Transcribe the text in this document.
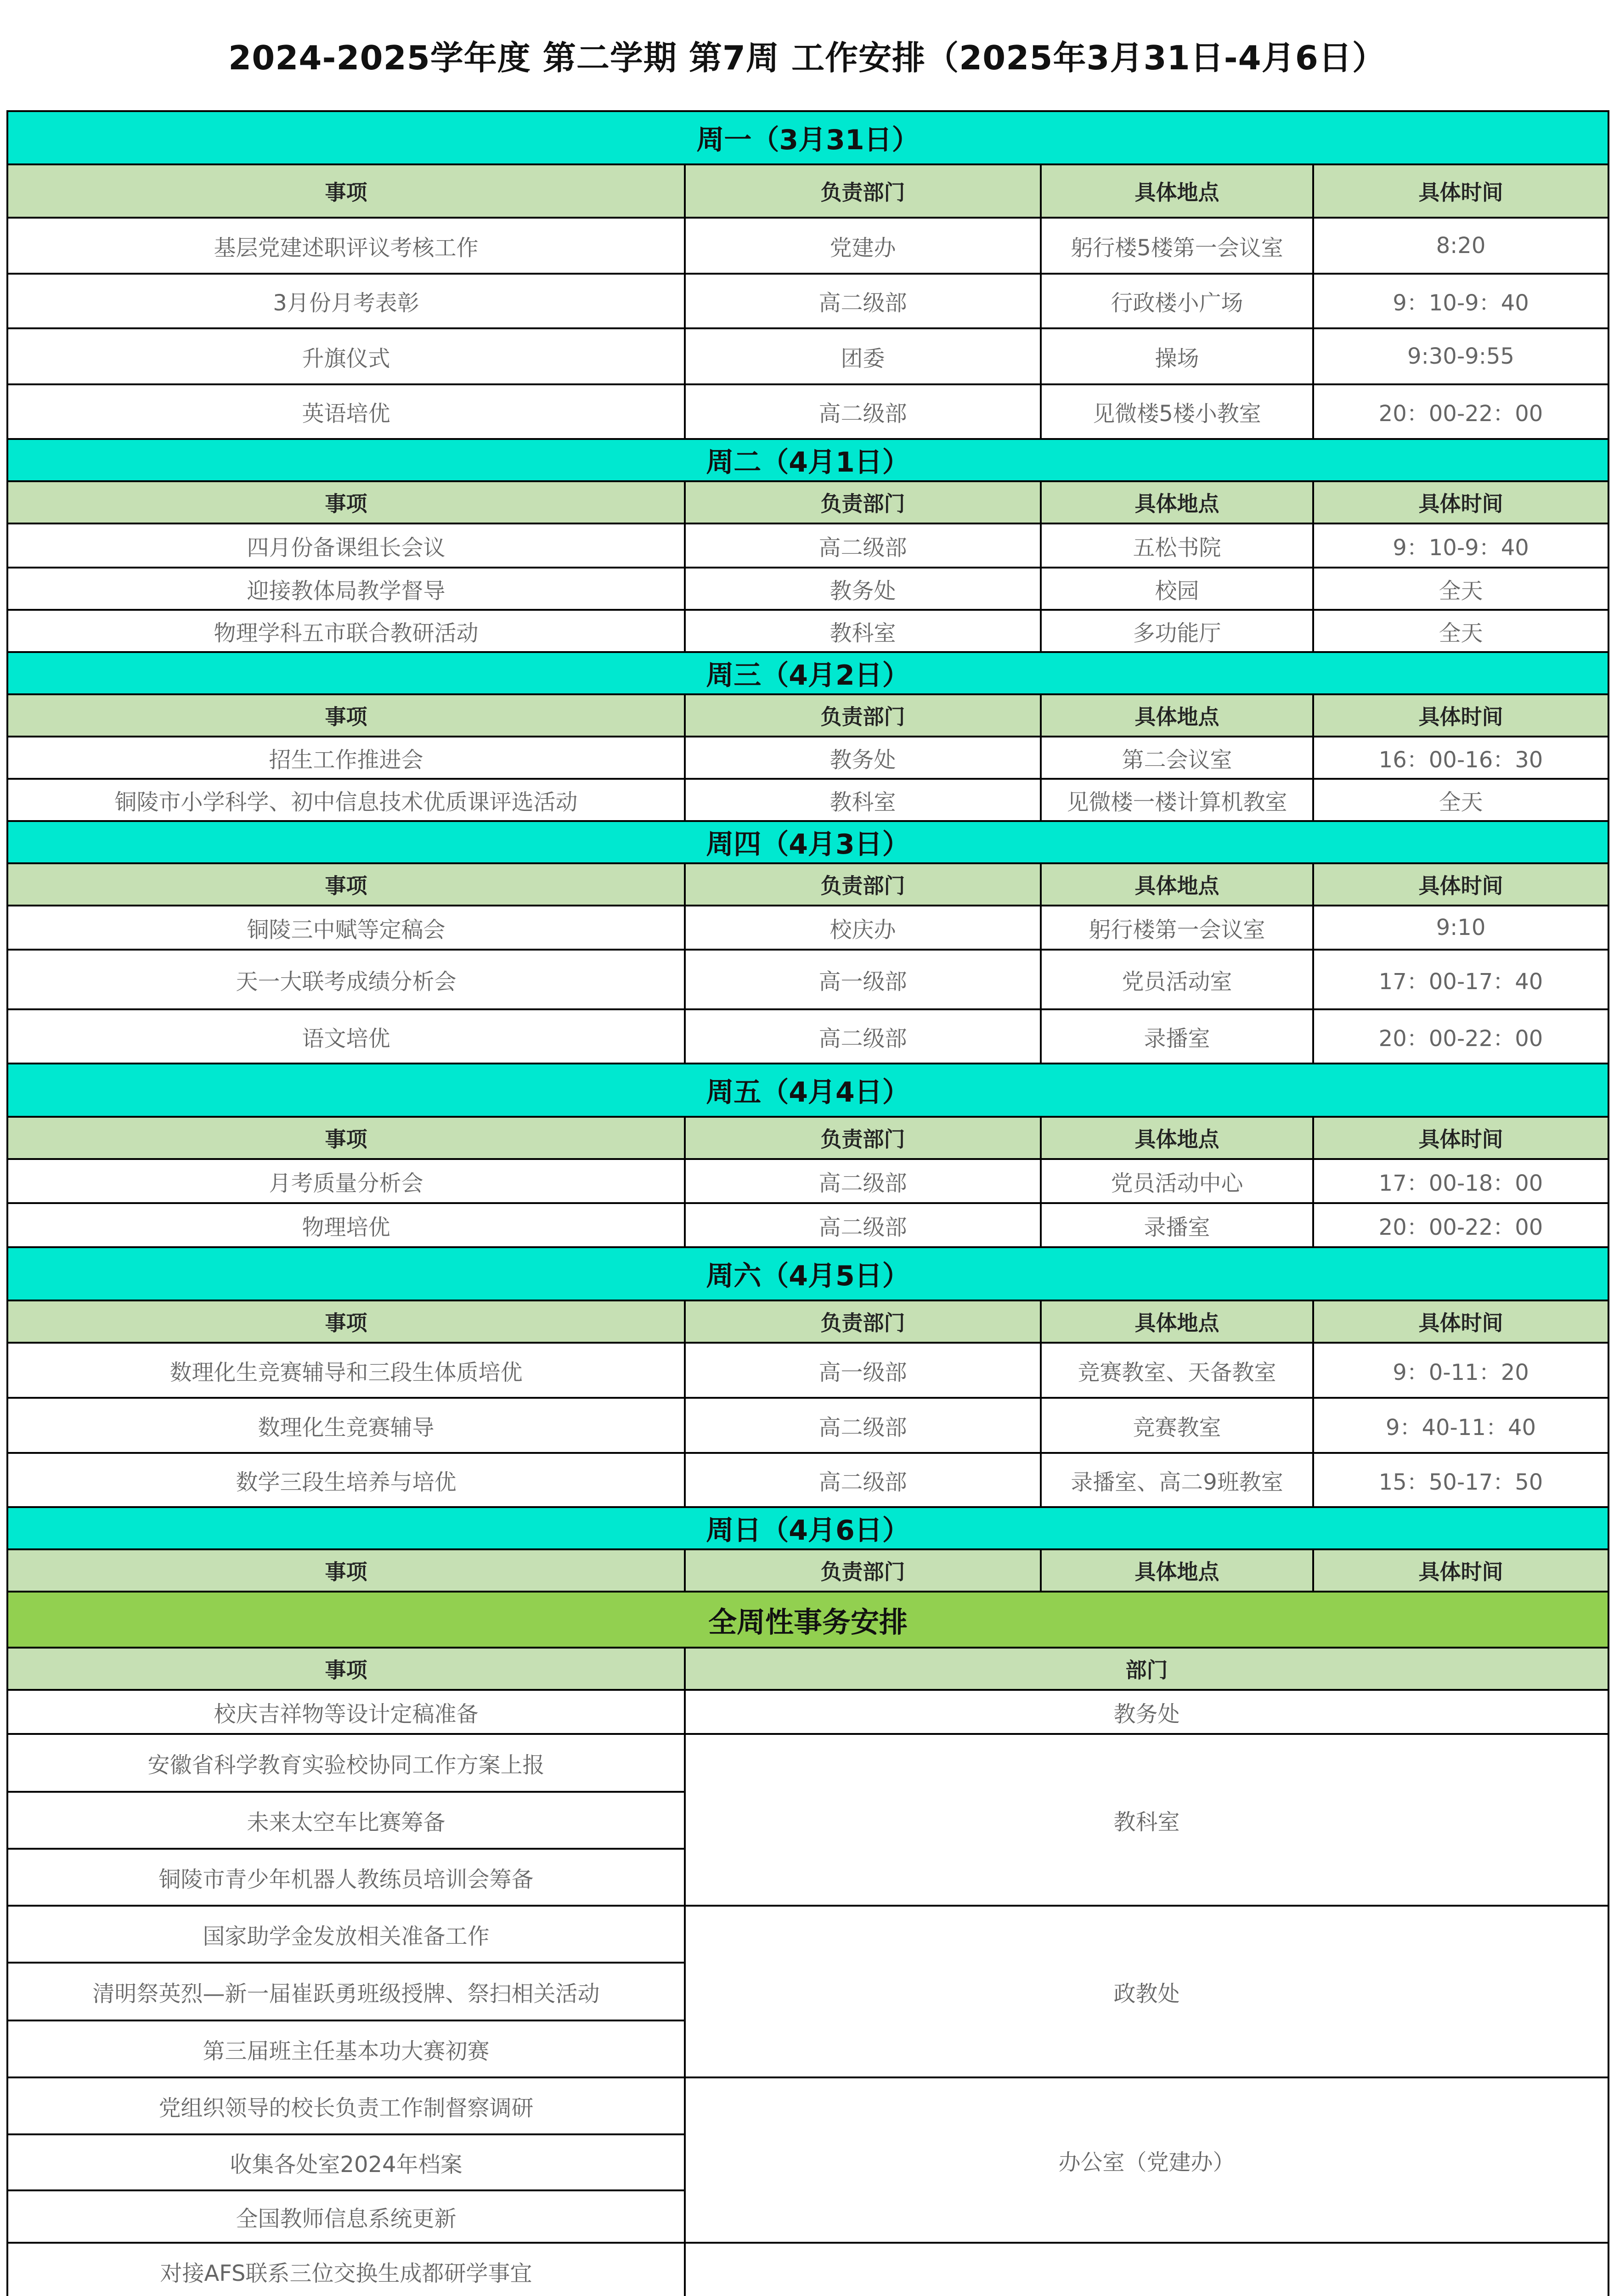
2024-2025学年度 第二学期 第7周 工作安排（2025年3月31日-4月6日）
周一（3月31日）			
事项	负责部门	具体地点	具体时间
基层党建述职评议考核工作	党建办	躬行楼5楼第一会议室	8:20
3月份月考表彰	高二级部	行政楼小广场	9：10-9：40
升旗仪式	团委	操场	9:30-9:55
英语培优	高二级部	见微楼5楼小教室	20：00-22：00
周二（4月1日）			
事项	负责部门	具体地点	具体时间
四月份备课组长会议	高二级部	五松书院	9：10-9：40
迎接教体局教学督导	教务处	校园	全天
物理学科五市联合教研活动	教科室	多功能厅	全天
周三（4月2日）			
事项	负责部门	具体地点	具体时间
招生工作推进会	教务处	第二会议室	16：00-16：30
铜陵市小学科学、初中信息技术优质课评选活动	教科室	见微楼一楼计算机教室	全天
周四（4月3日）			
事项	负责部门	具体地点	具体时间
铜陵三中赋等定稿会	校庆办	躬行楼第一会议室	9:10
天一大联考成绩分析会	高一级部	党员活动室	17：00-17：40
语文培优	高二级部	录播室	20：00-22：00
周五（4月4日）			
事项	负责部门	具体地点	具体时间
月考质量分析会	高二级部	党员活动中心	17：00-18：00
物理培优	高二级部	录播室	20：00-22：00
周六（4月5日）			
事项	负责部门	具体地点	具体时间
数理化生竞赛辅导和三段生体质培优	高一级部	竞赛教室、天备教室	9：0-11：20
数理化生竞赛辅导	高二级部	竞赛教室	9：40-11：40
数学三段生培养与培优	高二级部	录播室、高二9班教室	15：50-17：50
周日（4月6日）			
事项	负责部门	具体地点	具体时间
全周性事务安排			
事项	部门		
校庆吉祥物等设计定稿准备	教务处		
安徽省科学教育实验校协同工作方案上报	教科室		
未来太空车比赛筹备			
铜陵市青少年机器人教练员培训会筹备			
国家助学金发放相关准备工作	政教处		
清明祭英烈—新一届崔跃勇班级授牌、祭扫相关活动			
第三届班主任基本功大赛初赛			
党组织领导的校长负责工作制督察调研	办公室（党建办）		
收集各处室2024年档案			
全国教师信息系统更新			
对接AFS联系三位交换生成都研学事宜	
